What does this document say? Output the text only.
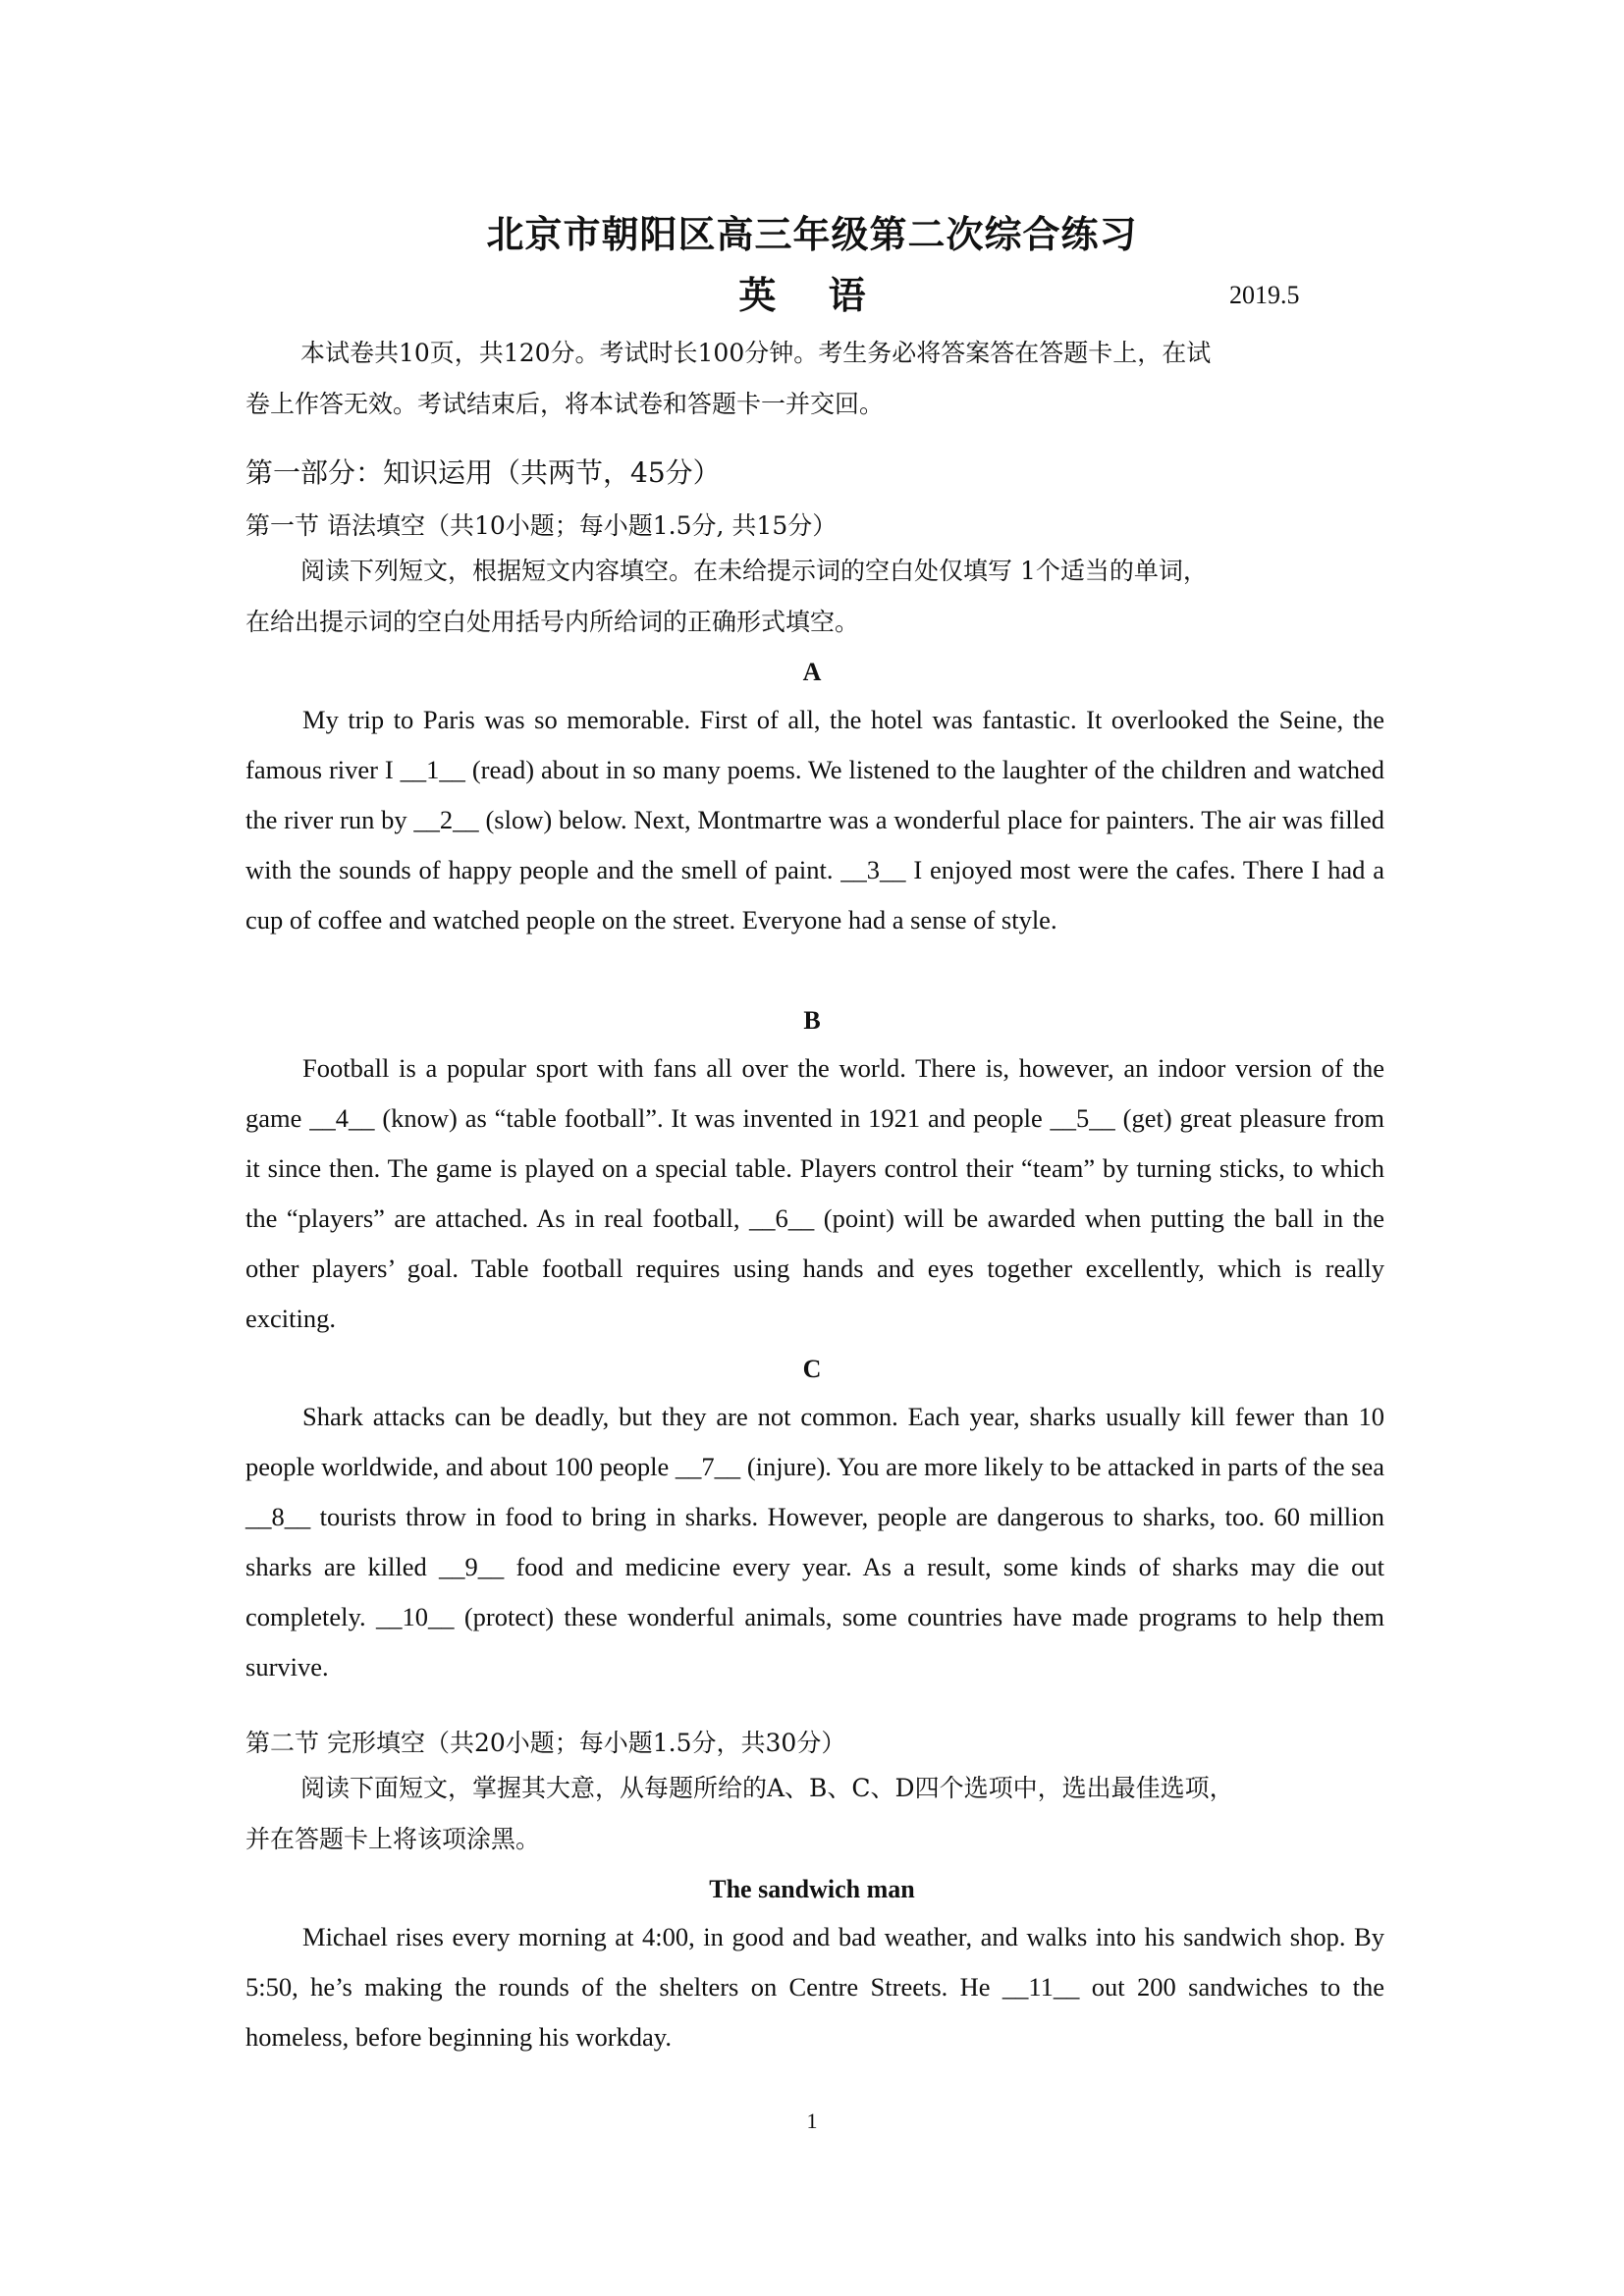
北京市朝阳区高三年级第二次综合练习
英 语	2019.5

本试卷共10页，共120分。考试时长100分钟。考生务必将答案答在答题卡上，在试

卷上作答无效。考试结束后，将本试卷和答题卡一并交回。

第一部分：知识运用（共两节，45分）
第一节 语法填空（共10小题；每小题1.5分, 共15分）

阅读下列短文，根据短文内容填空。在未给提示词的空白处仅填写 1个适当的单词，

在给出提示词的空白处用括号内所给词的正确形式填空。

A

My trip to Paris was so memorable. First of all, the hotel was fantastic. It overlooked the Seine, the famous river I __1__ (read) about in so many poems. We listened to the laughter of the children and watched the river run by __2__ (slow) below. Next, Montmartre was a wonderful place for painters. The air was filled with the sounds of happy people and the smell of paint. __3__ I enjoyed most were the cafes. There I had a cup of coffee and watched people on the street. Everyone had a sense of style.

B

Football is a popular sport with fans all over the world. There is, however, an indoor version of the game __4__ (know) as “table football”. It was invented in 1921 and people __5__ (get) great pleasure from it since then. The game is played on a special table. Players control their “team” by turning sticks, to which the “players” are attached. As in real football, __6__ (point) will be awarded when putting the ball in the other players’ goal. Table football requires using hands and eyes together excellently, which is really exciting.

C

Shark attacks can be deadly, but they are not common. Each year, sharks usually kill fewer than 10 people worldwide, and about 100 people __7__ (injure). You are more likely to be attacked in parts of the sea __8__ tourists throw in food to bring in sharks. However, people are dangerous to sharks, too. 60 million sharks are killed __9__ food and medicine every year. As a result, some kinds of sharks may die out completely. __10__ (protect) these wonderful animals, some countries have made programs to help them survive.

第二节 完形填空（共20小题；每小题1.5分，共30分）

阅读下面短文，掌握其大意，从每题所给的A、B、C、D四个选项中，选出最佳选项，

并在答题卡上将该项涂黑。

The sandwich man

Michael rises every morning at 4:00, in good and bad weather, and walks into his sandwich shop. By 5:50, he’s making the rounds of the shelters on Centre Streets. He __11__ out 200 sandwiches to the homeless, before beginning his workday.

1
